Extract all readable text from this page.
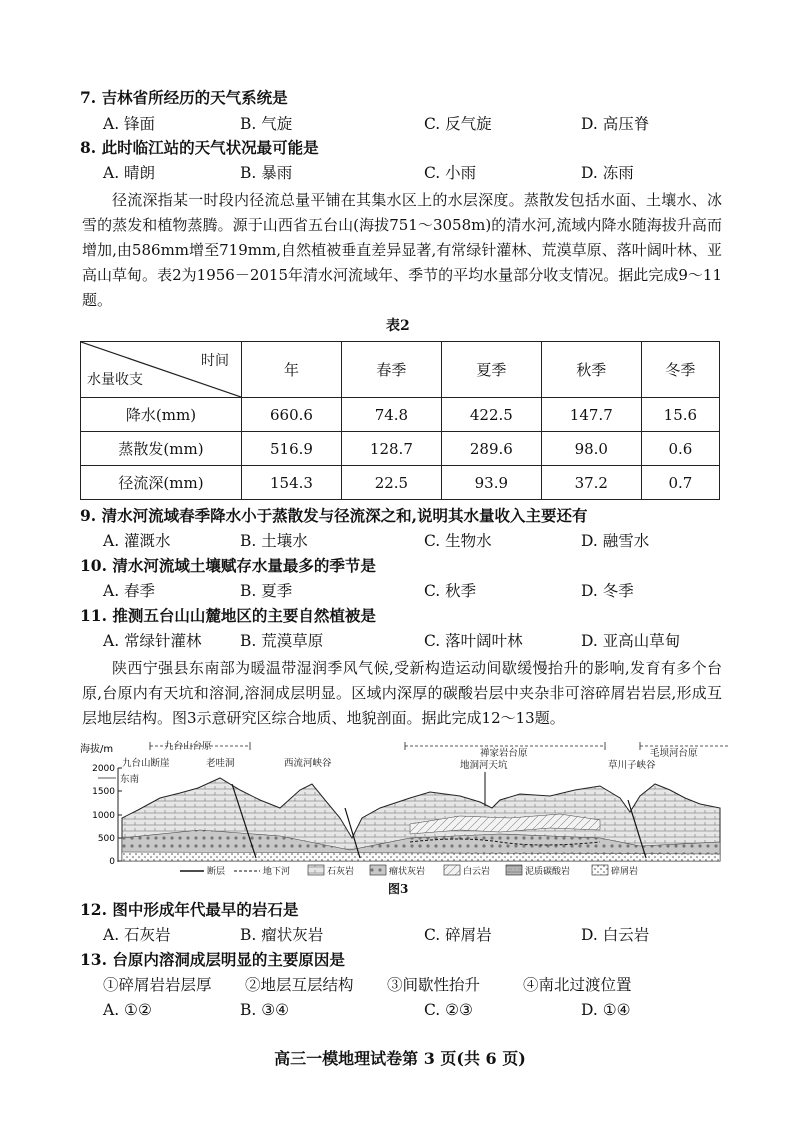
7. 吉林省所经历的天气系统是
A. 锋面	B. 气旋	C. 反气旋	D. 高压脊
8. 此时临江站的天气状况最可能是
A. 晴朗	B. 暴雨	C. 小雨	D. 冻雨

径流深指某一时段内径流总量平铺在其集水区上的水层深度。蒸散发包括水面、土壤水、冰雪的蒸发和植物蒸腾。源于山西省五台山(海拔751～3058m)的清水河,流域内降水随海拔升高而增加,由586mm增至719mm,自然植被垂直差异显著,有常绿针灌林、荒漠草原、落叶阔叶林、亚高山草甸。表2为1956－2015年清水河流域年、季节的平均水量部分收支情况。据此完成9～11题。

表2
时间
水量收支	年	春季	夏季	秋季	冬季
降水(mm)	660.6	74.8	422.5	147.7	15.6
蒸散发(mm)	516.9	128.7	289.6	98.0	0.6
径流深(mm)	154.3	22.5	93.9	37.2	0.7
9. 清水河流域春季降水小于蒸散发与径流深之和,说明其水量收入主要还有
A. 灌溉水	B. 土壤水	C. 生物水	D. 融雪水
10. 清水河流域土壤赋存水量最多的季节是
A. 春季	B. 夏季	C. 秋季	D. 冬季
11. 推测五台山山麓地区的主要自然植被是
A. 常绿针灌林 B. 荒漠草原	C. 落叶阔叶林	D. 亚高山草甸

陕西宁强县东南部为暖温带湿润季风气候,受新构造运动间歇缓慢抬升的影响,发育有多个台原,台原内有天坑和溶洞,溶洞成层明显。区域内深厚的碳酸岩层中夹杂非可溶碎屑岩岩层,形成互层地层结构。图3示意研究区综合地质、地貌剖面。据此完成12～13题。

海拔/m
2000
1500
1000
500
0
九台山台原
禅家岩台原	毛坝河台原
九台山断崖	老哇洞	西流河峡谷	地洞河天坑	草川子峡谷
东南
断层	地下河	石灰岩	瘤状灰岩	白云岩	泥质碳酸岩	碎屑岩
图3
12. 图中形成年代最早的岩石是
A. 石灰岩	B. 瘤状灰岩	C. 碎屑岩	D. 白云岩
13. 台原内溶洞成层明显的主要原因是
①碎屑岩岩层厚 ②地层互层结构 ③间歇性抬升	④南北过渡位置
A. ①②	B. ③④	C. ②③	D. ①④
高三一模地理试卷第 3 页(共 6 页)
